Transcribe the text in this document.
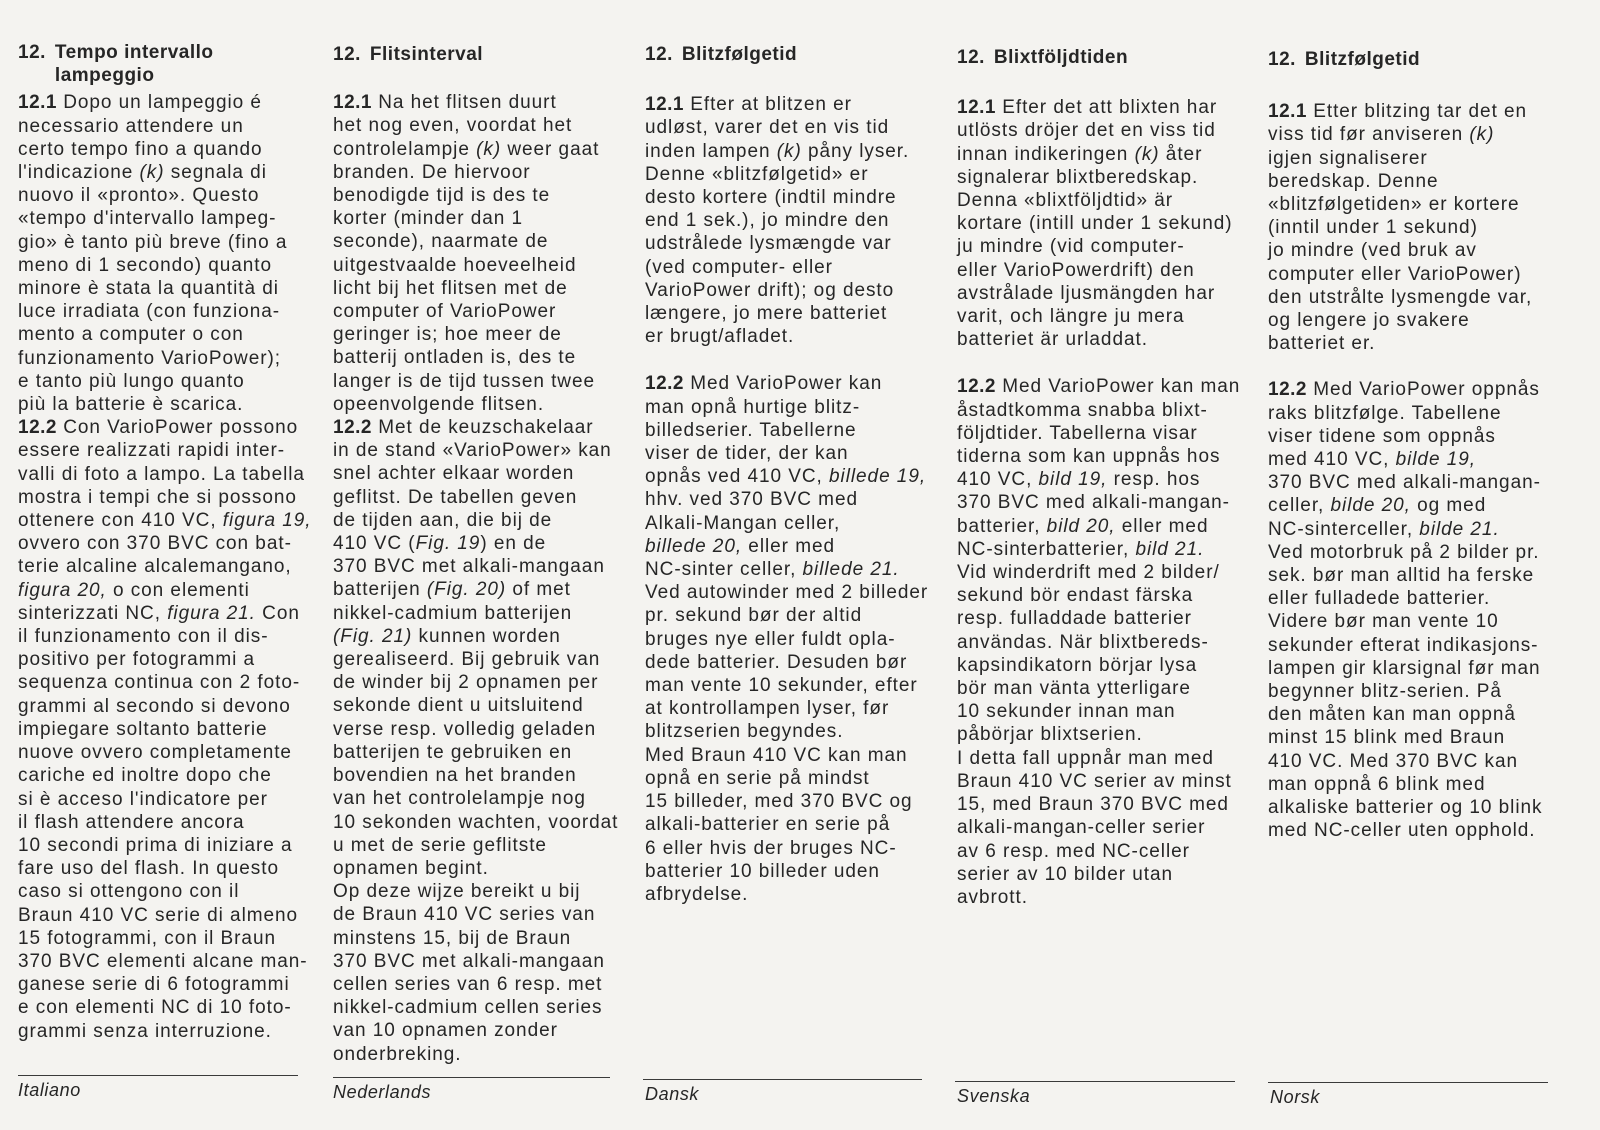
12. Tempo intervallo
lampeggio
12.1 Dopo un lampeggio é
necessario attendere un
certo tempo fino a quando
l'indicazione (k) segnala di
nuovo il «pronto». Questo
«tempo d'intervallo lampeg-
gio» è tanto più breve (fino a
meno di 1 secondo) quanto
minore è stata la quantità di
luce irradiata (con funziona-
mento a computer o con
funzionamento VarioPower);
e tanto più lungo quanto
più la batterie è scarica.
12.2 Con VarioPower possono
essere realizzati rapidi inter-
valli di foto a lampo. La tabella
mostra i tempi che si possono
ottenere con 410 VC, figura 19,
ovvero con 370 BVC con bat-
terie alcaline alcalemangano,
figura 20, o con elementi
sinterizzati NC, figura 21. Con
il funzionamento con il dis-
positivo per fotogrammi a
sequenza continua con 2 foto-
grammi al secondo si devono
impiegare soltanto batterie
nuove ovvero completamente
cariche ed inoltre dopo che
si è acceso l'indicatore per
il flash attendere ancora
10 secondi prima di iniziare a
fare uso del flash. In questo
caso si ottengono con il
Braun 410 VC serie di almeno
15 fotogrammi, con il Braun
370 BVC elementi alcane man-
ganese serie di 6 fotogrammi
e con elementi NC di 10 foto-
grammi senza interruzione.
12. Flitsinterval
12.1 Na het flitsen duurt
het nog even, voordat het
controlelampje (k) weer gaat
branden. De hiervoor
benodigde tijd is des te
korter (minder dan 1
seconde), naarmate de
uitgestvaalde hoeveelheid
licht bij het flitsen met de
computer of VarioPower
geringer is; hoe meer de
batterij ontladen is, des te
langer is de tijd tussen twee
opeenvolgende flitsen.
12.2 Met de keuzschakelaar
in de stand «VarioPower» kan
snel achter elkaar worden
geflitst. De tabellen geven
de tijden aan, die bij de
410 VC (Fig. 19) en de
370 BVC met alkali-mangaan
batterijen (Fig. 20) of met
nikkel-cadmium batterijen
(Fig. 21) kunnen worden
gerealiseerd. Bij gebruik van
de winder bij 2 opnamen per
sekonde dient u uitsluitend
verse resp. volledig geladen
batterijen te gebruiken en
bovendien na het branden
van het controlelampje nog
10 sekonden wachten, voordat
u met de serie geflitste
opnamen begint.
Op deze wijze bereikt u bij
de Braun 410 VC series van
minstens 15, bij de Braun
370 BVC met alkali-mangaan
cellen series van 6 resp. met
nikkel-cadmium cellen series
van 10 opnamen zonder
onderbreking.
12. Blitzfølgetid
12.1 Efter at blitzen er
udløst, varer det en vis tid
inden lampen (k) påny lyser.
Denne «blitzfølgetid» er
desto kortere (indtil mindre
end 1 sek.), jo mindre den
udstrålede lysmængde var
(ved computer- eller
VarioPower drift); og desto
længere, jo mere batteriet
er brugt/afladet.
12.2 Med VarioPower kan
man opnå hurtige blitz-
billedserier. Tabellerne
viser de tider, der kan
opnås ved 410 VC, billede 19,
hhv. ved 370 BVC med
Alkali-Mangan celler,
billede 20, eller med
NC-sinter celler, billede 21.
Ved autowinder med 2 billeder
pr. sekund bør der altid
bruges nye eller fuldt opla-
dede batterier. Desuden bør
man vente 10 sekunder, efter
at kontrollampen lyser, før
blitzserien begyndes.
Med Braun 410 VC kan man
opnå en serie på mindst
15 billeder, med 370 BVC og
alkali-batterier en serie på
6 eller hvis der bruges NC-
batterier 10 billeder uden
afbrydelse.
12. Blixtföljdtiden
12.1 Efter det att blixten har
utlösts dröjer det en viss tid
innan indikeringen (k) åter
signalerar blixtberedskap.
Denna «blixtföljdtid» är
kortare (intill under 1 sekund)
ju mindre (vid computer-
eller VarioPowerdrift) den
avstrålade ljusmängden har
varit, och längre ju mera
batteriet är urladdat.
12.2 Med VarioPower kan man
åstadtkomma snabba blixt-
följdtider. Tabellerna visar
tiderna som kan uppnås hos
410 VC, bild 19, resp. hos
370 BVC med alkali-mangan-
batterier, bild 20, eller med
NC-sinterbatterier, bild 21.
Vid winderdrift med 2 bilder/
sekund bör endast färska
resp. fulladdade batterier
användas. När blixtbereds-
kapsindikatorn börjar lysa
bör man vänta ytterligare
10 sekunder innan man
påbörjar blixtserien.
I detta fall uppnår man med
Braun 410 VC serier av minst
15, med Braun 370 BVC med
alkali-mangan-celler serier
av 6 resp. med NC-celler
serier av 10 bilder utan
avbrott.
12. Blitzfølgetid
12.1 Etter blitzing tar det en
viss tid før anviseren (k)
igjen signaliserer
beredskap. Denne
«blitzfølgetiden» er kortere
(inntil under 1 sekund)
jo mindre (ved bruk av
computer eller VarioPower)
den utstrålte lysmengde var,
og lengere jo svakere
batteriet er.
12.2 Med VarioPower oppnås
raks blitzfølge. Tabellene
viser tidene som oppnås
med 410 VC, bilde 19,
370 BVC med alkali-mangan-
celler, bilde 20, og med
NC-sinterceller, bilde 21.
Ved motorbruk på 2 bilder pr.
sek. bør man alltid ha ferske
eller fulladede batterier.
Videre bør man vente 10
sekunder efterat indikasjons-
lampen gir klarsignal før man
begynner blitz-serien. På
den måten kan man oppnå
minst 15 blink med Braun
410 VC. Med 370 BVC kan
man oppnå 6 blink med
alkaliske batterier og 10 blink
med NC-celler uten opphold.
Italiano	Nederlands	Dansk	Svenska	Norsk
